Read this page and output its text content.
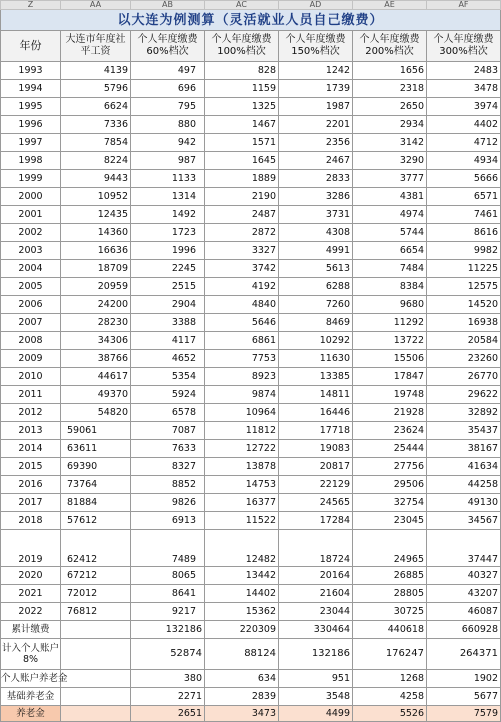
Z	AA	AB	AC	AD	AE	AF
以大连为例测算（灵活就业人员自己缴费）						
年份	大连市年度社平工资	个人年度缴费60%档次	个人年度缴费100%档次	个人年度缴费150%档次	个人年度缴费200%档次	个人年度缴费300%档次
1993	4139	497	828	1242	1656	2483
1994	5796	696	1159	1739	2318	3478
1995	6624	795	1325	1987	2650	3974
1996	7336	880	1467	2201	2934	4402
1997	7854	942	1571	2356	3142	4712
1998	8224	987	1645	2467	3290	4934
1999	9443	1133	1889	2833	3777	5666
2000	10952	1314	2190	3286	4381	6571
2001	12435	1492	2487	3731	4974	7461
2002	14360	1723	2872	4308	5744	8616
2003	16636	1996	3327	4991	6654	9982
2004	18709	2245	3742	5613	7484	11225
2005	20959	2515	4192	6288	8384	12575
2006	24200	2904	4840	7260	9680	14520
2007	28230	3388	5646	8469	11292	16938
2008	34306	4117	6861	10292	13722	20584
2009	38766	4652	7753	11630	15506	23260
2010	44617	5354	8923	13385	17847	26770
2011	49370	5924	9874	14811	19748	29622
2012	54820	6578	10964	16446	21928	32892
2013	59061	7087	11812	17718	23624	35437
2014	63611	7633	12722	19083	25444	38167
2015	69390	8327	13878	20817	27756	41634
2016	73764	8852	14753	22129	29506	44258
2017	81884	9826	16377	24565	32754	49130
2018	57612	6913	11522	17284	23045	34567
2019	62412	7489	12482	18724	24965	37447
2020	67212	8065	13442	20164	26885	40327
2021	72012	8641	14402	21604	28805	43207
2022	76812	9217	15362	23044	30725	46087
累计缴费		132186	220309	330464	440618	660928
计入个人账户8%		52874	88124	132186	176247	264371
个人账户养老金		380	634	951	1268	1902
基础养老金		2271	2839	3548	4258	5677
养老金		2651	3473	4499	5526	7579
